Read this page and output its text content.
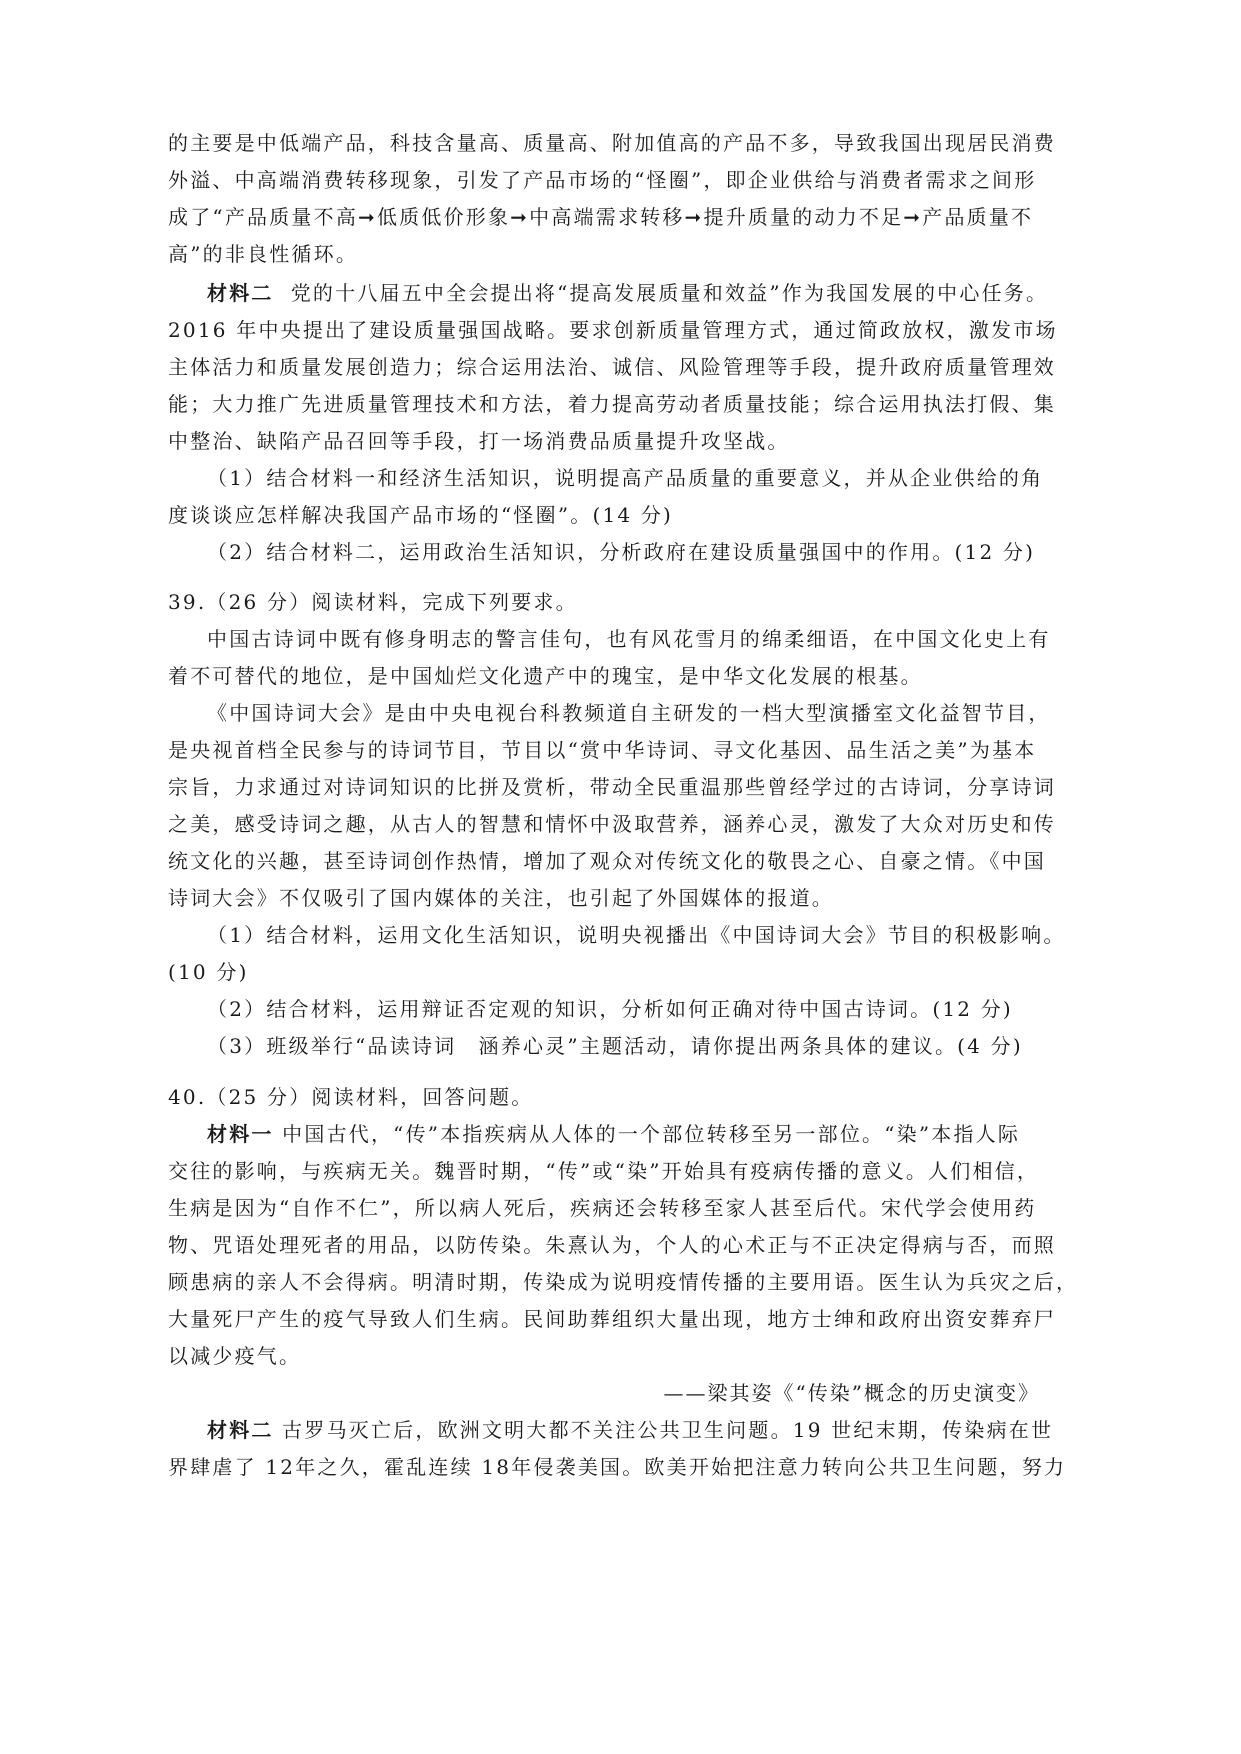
的主要是中低端产品，科技含量高、质量高、附加值高的产品不多，导致我国出现居民消费
外溢、中高端消费转移现象，引发了产品市场的“怪圈”，即企业供给与消费者需求之间形
成了“产品质量不高➞低质低价形象➞中高端需求转移➞提升质量的动力不足➞产品质量不
高”的非良性循环。
材料二 党的十八届五中全会提出将“提高发展质量和效益”作为我国发展的中心任务。
2016 年中央提出了建设质量强国战略。要求创新质量管理方式，通过简政放权，激发市场
主体活力和质量发展创造力；综合运用法治、诚信、风险管理等手段，提升政府质量管理效
能；大力推广先进质量管理技术和方法，着力提高劳动者质量技能；综合运用执法打假、集
中整治、缺陷产品召回等手段，打一场消费品质量提升攻坚战。
（1）结合材料一和经济生活知识，说明提高产品质量的重要意义，并从企业供给的角
度谈谈应怎样解决我国产品市场的“怪圈”。(14 分)
（2）结合材料二，运用政治生活知识，分析政府在建设质量强国中的作用。(12 分)
39.（26 分）阅读材料，完成下列要求。
中国古诗词中既有修身明志的警言佳句，也有风花雪月的绵柔细语，在中国文化史上有
着不可替代的地位，是中国灿烂文化遗产中的瑰宝，是中华文化发展的根基。
《中国诗词大会》是由中央电视台科教频道自主研发的一档大型演播室文化益智节目，
是央视首档全民参与的诗词节目，节目以“赏中华诗词、寻文化基因、品生活之美”为基本
宗旨，力求通过对诗词知识的比拼及赏析，带动全民重温那些曾经学过的古诗词，分享诗词
之美，感受诗词之趣，从古人的智慧和情怀中汲取营养，涵养心灵，激发了大众对历史和传
统文化的兴趣，甚至诗词创作热情，增加了观众对传统文化的敬畏之心、自豪之情。《中国
诗词大会》不仅吸引了国内媒体的关注，也引起了外国媒体的报道。
（1）结合材料，运用文化生活知识，说明央视播出《中国诗词大会》节目的积极影响。
(10 分)
（2）结合材料，运用辩证否定观的知识，分析如何正确对待中国古诗词。(12 分)
（3）班级举行“品读诗词　涵养心灵”主题活动，请你提出两条具体的建议。(4 分)
40.（25 分）阅读材料，回答问题。
材料一 中国古代，“传”本指疾病从人体的一个部位转移至另一部位。“染”本指人际
交往的影响，与疾病无关。魏晋时期，“传”或“染”开始具有疫病传播的意义。人们相信，
生病是因为“自作不仁”，所以病人死后，疾病还会转移至家人甚至后代。宋代学会使用药
物、咒语处理死者的用品，以防传染。朱熹认为，个人的心术正与不正决定得病与否，而照
顾患病的亲人不会得病。明清时期，传染成为说明疫情传播的主要用语。医生认为兵灾之后，
大量死尸产生的疫气导致人们生病。民间助葬组织大量出现，地方士绅和政府出资安葬弃尸
以减少疫气。
——梁其姿《“传染”概念的历史演变》
材料二 古罗马灭亡后，欧洲文明大都不关注公共卫生问题。19 世纪末期，传染病在世
界肆虐了 12年之久，霍乱连续 18年侵袭美国。欧美开始把注意力转向公共卫生问题，努力
